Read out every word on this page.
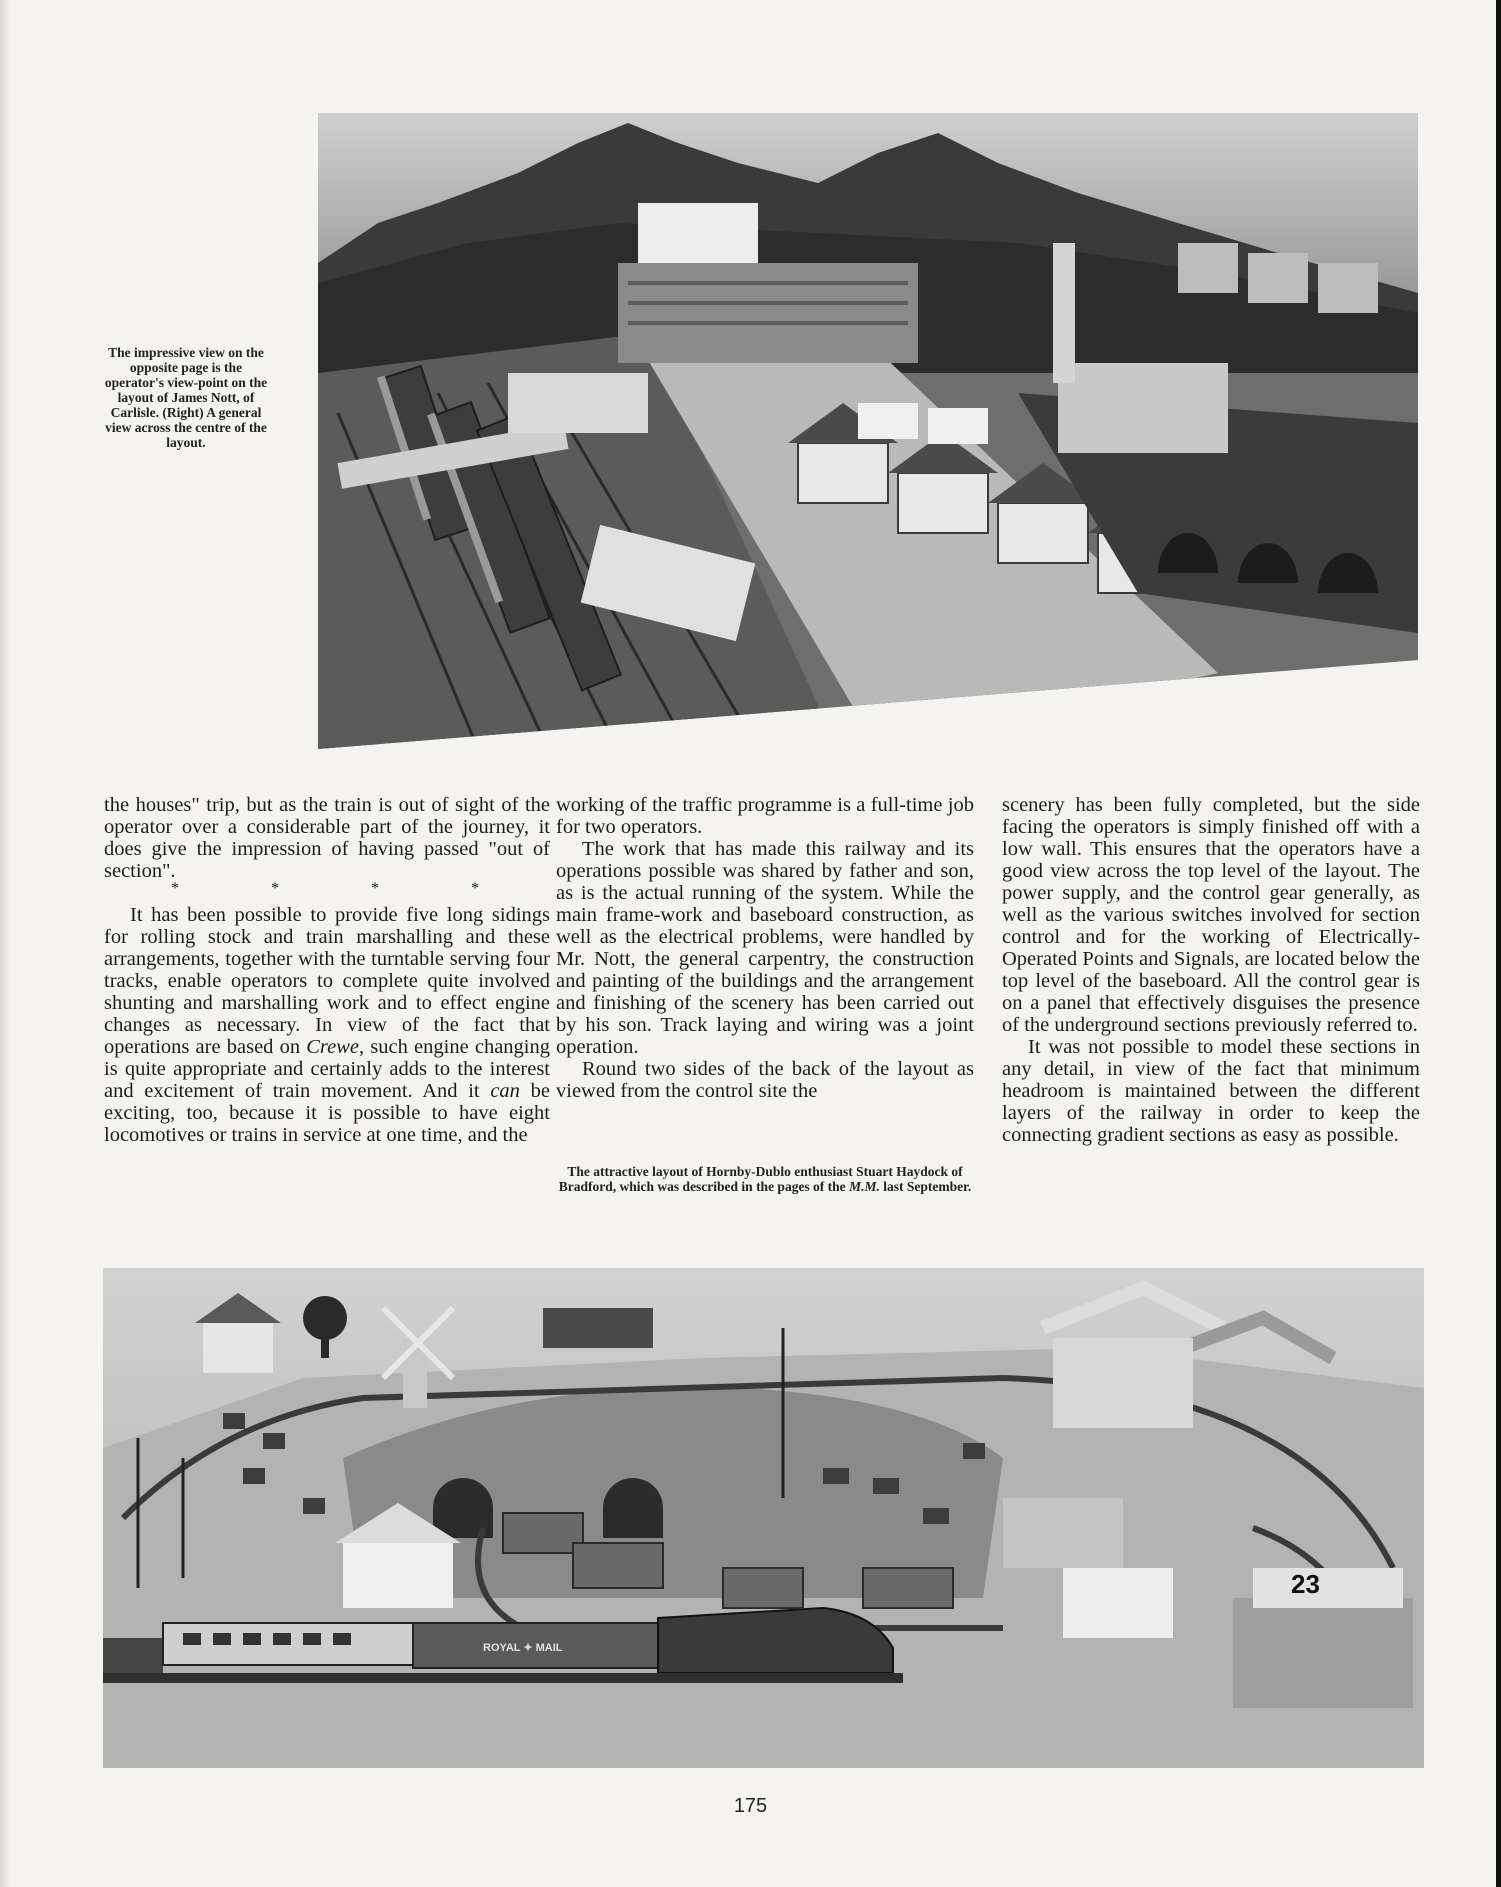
The impressive view on the opposite page is the operator's view-point on the layout of James Nott, of Carlisle. (Right) A general view across the centre of the layout.

the houses" trip, but as the train is out of sight of the operator over a considerable part of the journey, it does give the impression of having passed "out of section".

* * * *

It has been possible to provide five long sidings for rolling stock and train marshalling and these arrangements, together with the turntable serving four tracks, enable operators to complete quite involved shunting and marshalling work and to effect engine changes as necessary. In view of the fact that operations are based on Crewe, such engine changing is quite appropriate and certainly adds to the interest and excitement of train movement. And it can be exciting, too, because it is possible to have eight locomotives or trains in service at one time, and the

working of the traffic programme is a full-time job for two operators.

The work that has made this railway and its operations possible was shared by father and son, as is the actual running of the system. While the main frame-work and baseboard construction, as well as the electrical problems, were handled by Mr. Nott, the general carpentry, the construction and painting of the buildings and the arrangement and finishing of the scenery has been carried out by his son. Track laying and wiring was a joint operation.

Round two sides of the back of the layout as viewed from the control site the

The attractive layout of Hornby-Dublo enthusiast Stuart Haydock of Bradford, which was described in the pages of the M.M. last September.

scenery has been fully completed, but the side facing the operators is simply finished off with a low wall. This ensures that the operators have a good view across the top level of the layout. The power supply, and the control gear generally, as well as the various switches involved for section control and for the working of Electrically-Operated Points and Signals, are located below the top level of the baseboard. All the control gear is on a panel that effectively disguises the presence of the underground sections previously referred to.

It was not possible to model these sections in any detail, in view of the fact that minimum headroom is maintained between the different layers of the railway in order to keep the connecting gradient sections as easy as possible.

23
ROYAL ✦ MAIL
175
